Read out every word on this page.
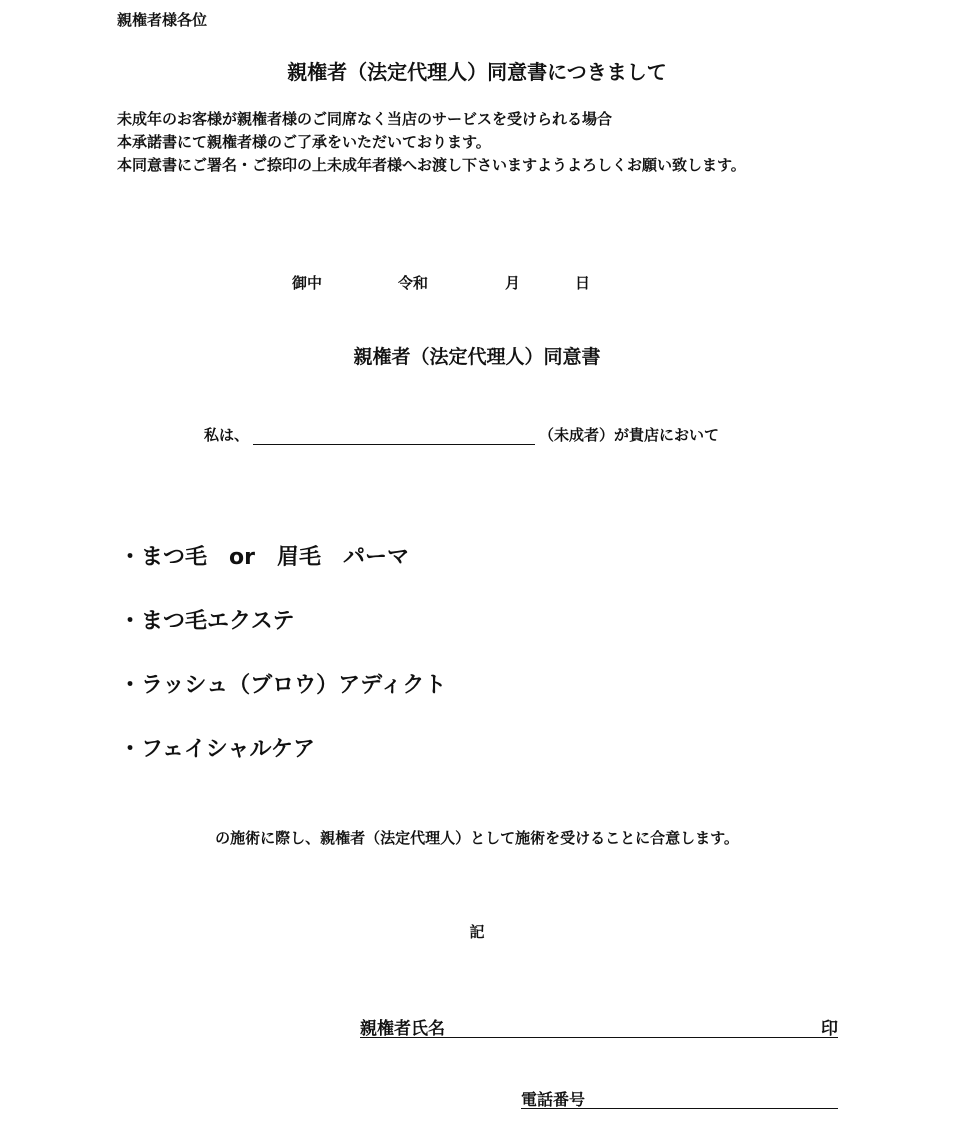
親権者様各位
親権者（法定代理人）同意書につきまして
未成年のお客様が親権者様のご同席なく当店のサービスを受けられる場合
本承諾書にて親権者様のご了承をいただいております。
本同意書にご署名・ご捺印の上未成年者様へお渡し下さいますようよろしくお願い致します。
御中	令和	月	日
親権者（法定代理人）同意書
私は、	（未成者）が貴店において
・まつ毛　or　眉毛　パーマ
・まつ毛エクステ
・ラッシュ（ブロウ）アディクト
・フェイシャルケア
の施術に際し、親権者（法定代理人）として施術を受けることに合意します。
記
親権者氏名	印
電話番号
